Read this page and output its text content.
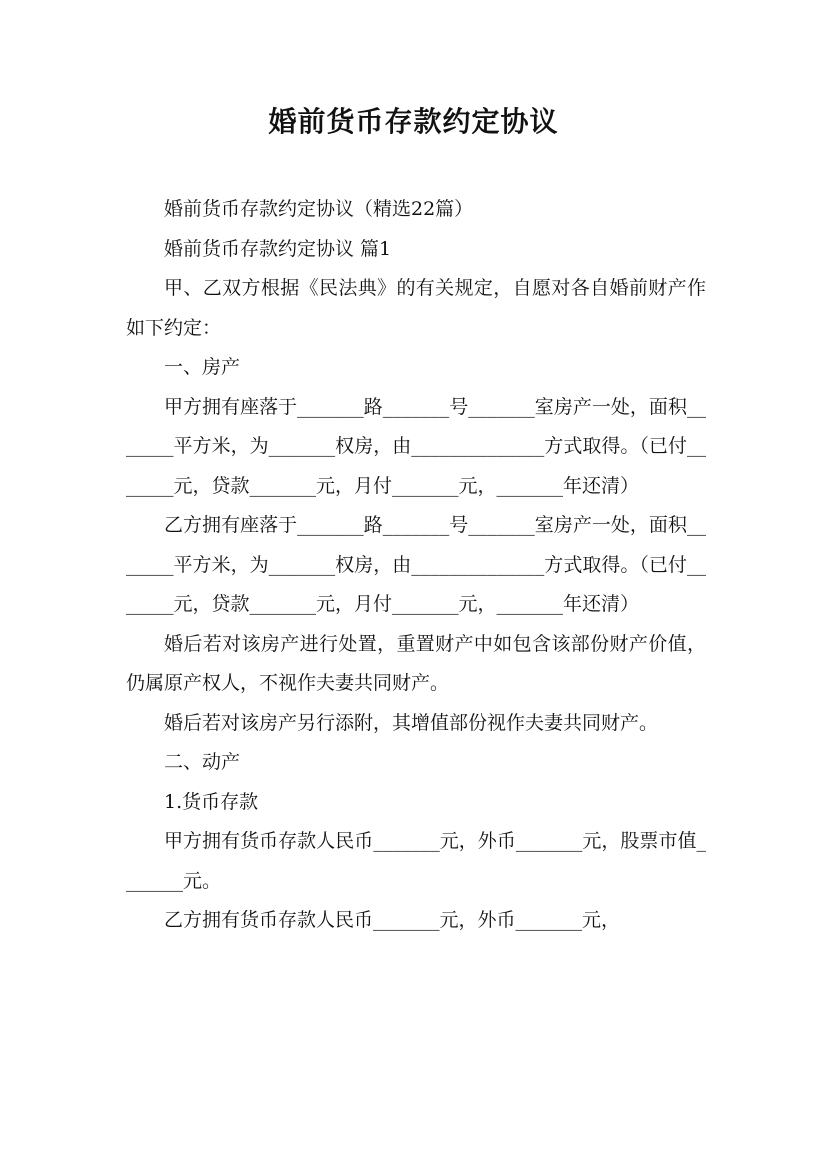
婚前货币存款约定协议

婚前货币存款约定协议（精选22篇）

婚前货币存款约定协议 篇1

甲、乙双方根据《民法典》的有关规定，自愿对各自婚前财产作如下约定：

一、房产

甲方拥有座落于_______路_______号_______室房产一处，面积_______平方米，为_______权房，由______________方式取得。（已付_______元，贷款_______元，月付_______元，_______年还清）

乙方拥有座落于_______路_______号_______室房产一处，面积_______平方米，为_______权房，由______________方式取得。（已付_______元，贷款_______元，月付_______元，_______年还清）

婚后若对该房产进行处置，重置财产中如包含该部份财产价值，仍属原产权人，不视作夫妻共同财产。

婚后若对该房产另行添附，其增值部份视作夫妻共同财产。

二、动产

1.货币存款

甲方拥有货币存款人民币_______元，外币_______元，股票市值_______元。

乙方拥有货币存款人民币_______元，外币_______元，
